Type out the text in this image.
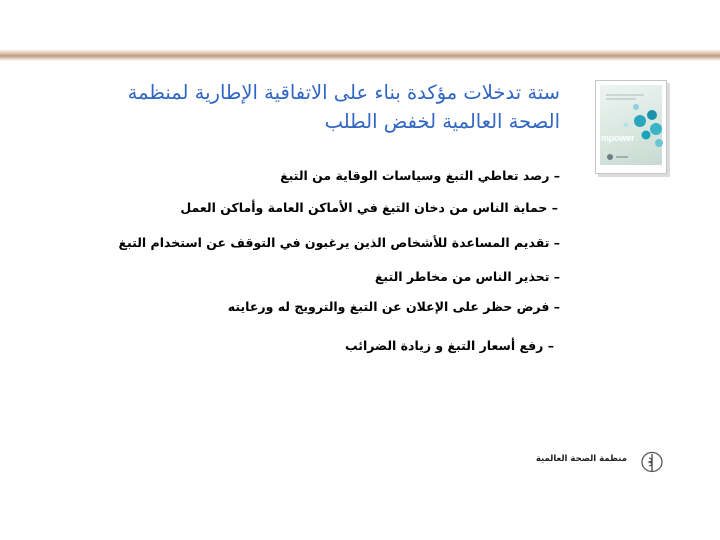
ستة تدخلات مؤكدة بناء على الاتفاقية الإطارية لمنظمة
الصحة العالمية لخفض الطلب
mpower
– رصد تعاطي التبغ وسياسات الوقاية من التبغ
– حماية الناس من دخان التبغ في الأماكن العامة وأماكن العمل
– تقديم المساعدة للأشخاص الذين يرغبون في التوقف عن استخدام التبغ
– تحذير الناس من مخاطر التبغ
– فرض حظر على الإعلان عن التبغ والترويج له ورعايته
– رفع أسعار التبغ و زيادة الضرائب
منظمة الصحة العالمية
